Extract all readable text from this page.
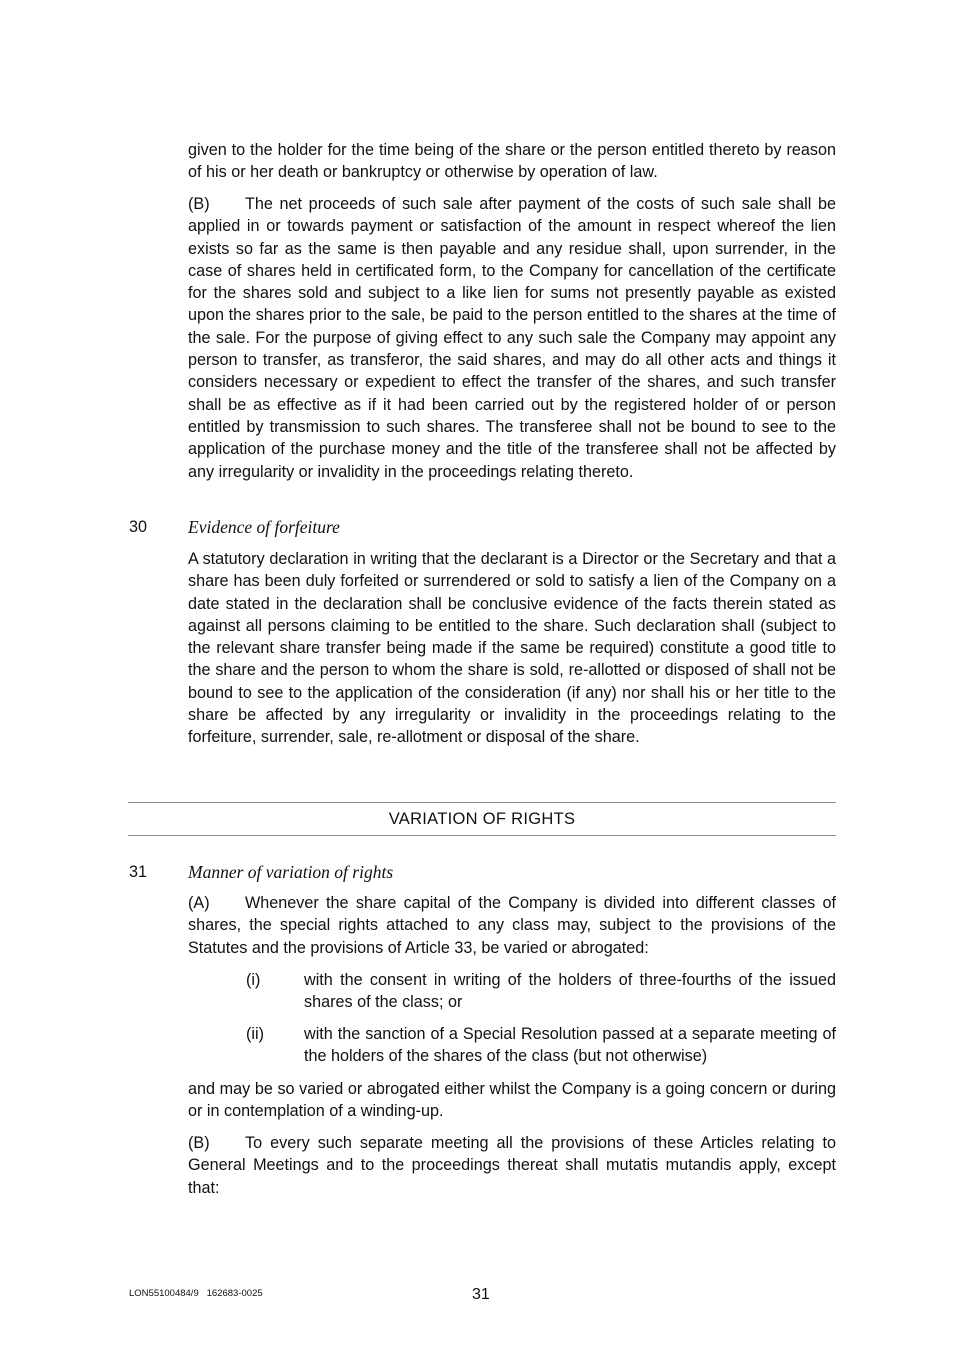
given to the holder for the time being of the share or the person entitled thereto by reason of his or her death or bankruptcy or otherwise by operation of law.

(B) The net proceeds of such sale after payment of the costs of such sale shall be applied in or towards payment or satisfaction of the amount in respect whereof the lien exists so far as the same is then payable and any residue shall, upon surrender, in the case of shares held in certificated form, to the Company for cancellation of the certificate for the shares sold and subject to a like lien for sums not presently payable as existed upon the shares prior to the sale, be paid to the person entitled to the shares at the time of the sale. For the purpose of giving effect to any such sale the Company may appoint any person to transfer, as transferor, the said shares, and may do all other acts and things it considers necessary or expedient to effect the transfer of the shares, and such transfer shall be as effective as if it had been carried out by the registered holder of or person entitled by transmission to such shares. The transferee shall not be bound to see to the application of the purchase money and the title of the transferee shall not be affected by any irregularity or invalidity in the proceedings relating thereto.

30 Evidence of forfeiture

A statutory declaration in writing that the declarant is a Director or the Secretary and that a share has been duly forfeited or surrendered or sold to satisfy a lien of the Company on a date stated in the declaration shall be conclusive evidence of the facts therein stated as against all persons claiming to be entitled to the share. Such declaration shall (subject to the relevant share transfer being made if the same be required) constitute a good title to the share and the person to whom the share is sold, re-allotted or disposed of shall not be bound to see to the application of the consideration (if any) nor shall his or her title to the share be affected by any irregularity or invalidity in the proceedings relating to the forfeiture, surrender, sale, re-allotment or disposal of the share.

VARIATION OF RIGHTS
31 Manner of variation of rights

(A) Whenever the share capital of the Company is divided into different classes of shares, the special rights attached to any class may, subject to the provisions of the Statutes and the provisions of Article 33, be varied or abrogated:

(i)	with the consent in writing of the holders of three-fourths of the issued shares of the class; or

(ii) with the sanction of a Special Resolution passed at a separate meeting of the holders of the shares of the class (but not otherwise)

and may be so varied or abrogated either whilst the Company is a going concern or during or in contemplation of a winding-up.

(B) To every such separate meeting all the provisions of these Articles relating to General Meetings and to the proceedings thereat shall mutatis mutandis apply, except that:

LON55100484/9   162683-0025	31
